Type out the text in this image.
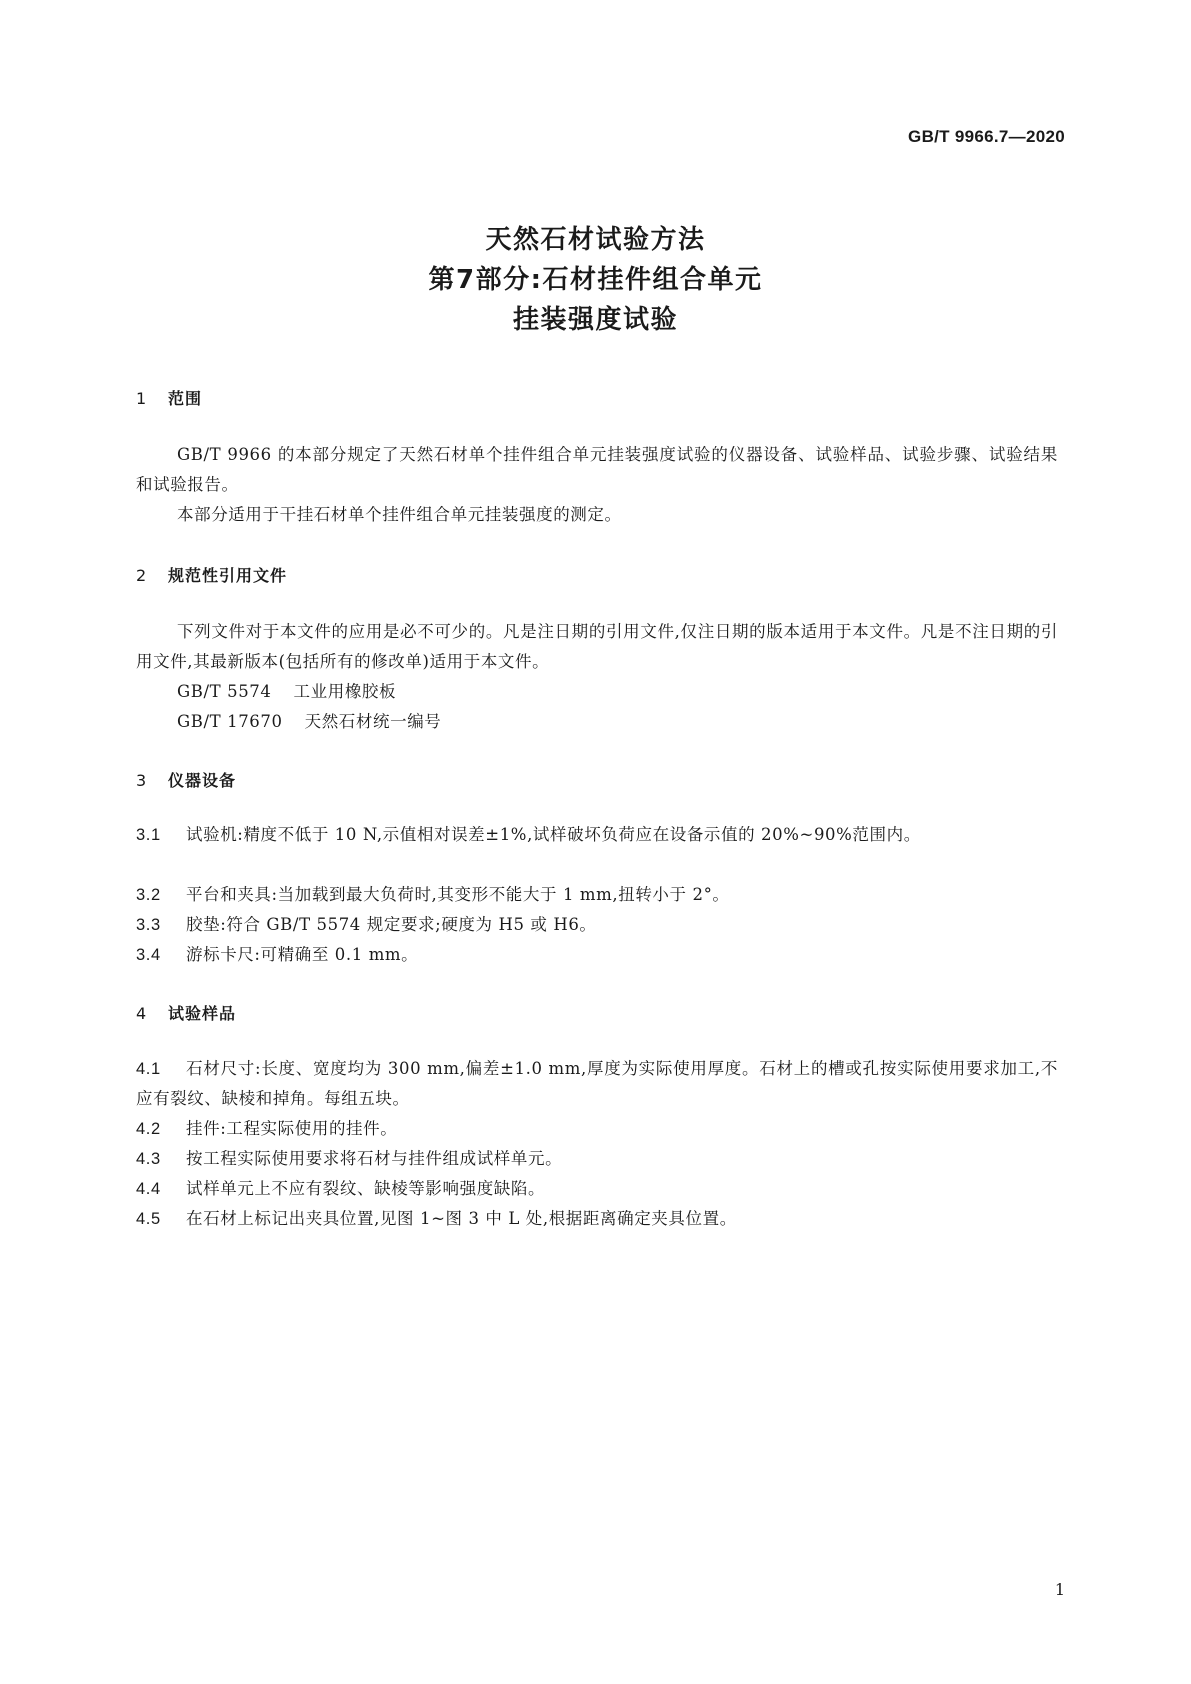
GB/T 9966.7—2020
天然石材试验方法
第7部分:石材挂件组合单元
挂装强度试验
1 范围
GB/T 9966 的本部分规定了天然石材单个挂件组合单元挂装强度试验的仪器设备、试验样品、试验步骤、试验结果和试验报告。
本部分适用于干挂石材单个挂件组合单元挂装强度的测定。
2 规范性引用文件
下列文件对于本文件的应用是必不可少的。凡是注日期的引用文件,仅注日期的版本适用于本文件。凡是不注日期的引用文件,其最新版本(包括所有的修改单)适用于本文件。
GB/T 5574 工业用橡胶板
GB/T 17670 天然石材统一编号
3 仪器设备
3.1 试验机:精度不低于 10 N,示值相对误差±1%,试样破坏负荷应在设备示值的 20%~90%范围内。
3.2 平台和夹具:当加载到最大负荷时,其变形不能大于 1 mm,扭转小于 2°。
3.3 胶垫:符合 GB/T 5574 规定要求;硬度为 H5 或 H6。
3.4 游标卡尺:可精确至 0.1 mm。
4 试验样品
4.1 石材尺寸:长度、宽度均为 300 mm,偏差±1.0 mm,厚度为实际使用厚度。石材上的槽或孔按实际使用要求加工,不应有裂纹、缺棱和掉角。每组五块。
4.2 挂件:工程实际使用的挂件。
4.3 按工程实际使用要求将石材与挂件组成试样单元。
4.4 试样单元上不应有裂纹、缺棱等影响强度缺陷。
4.5 在石材上标记出夹具位置,见图 1~图 3 中 L 处,根据距离确定夹具位置。
1
